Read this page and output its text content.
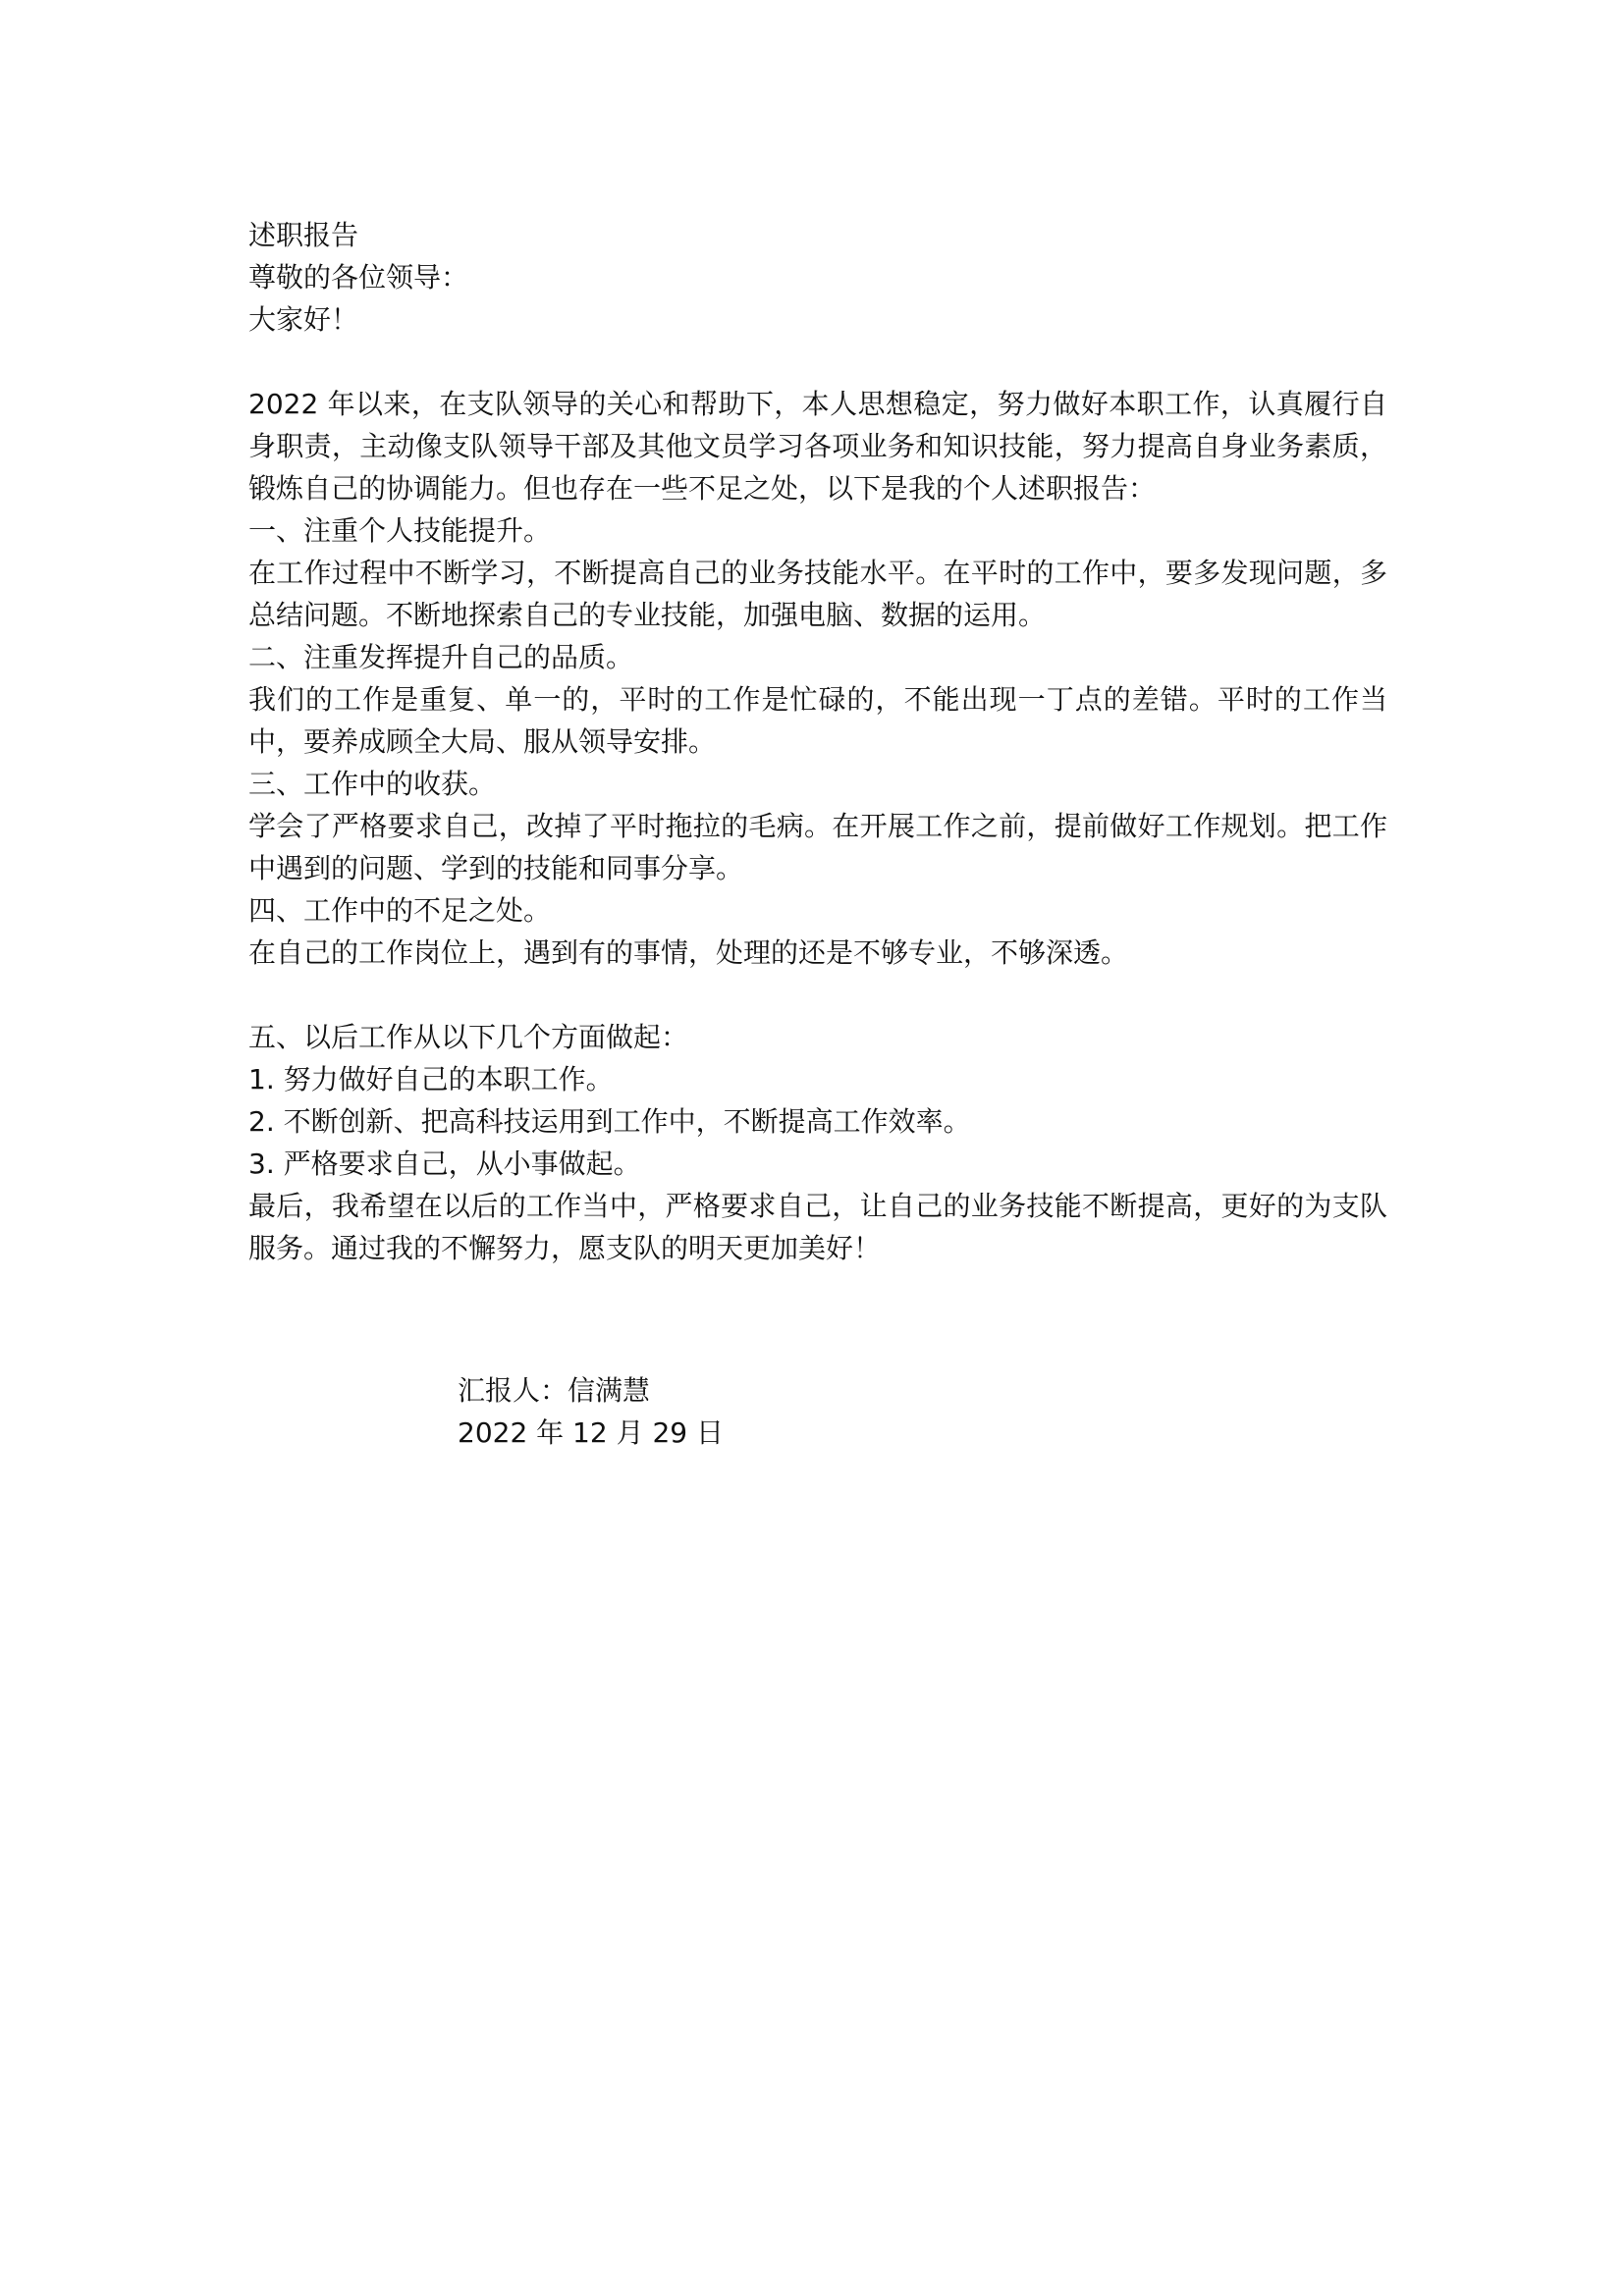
述职报告
尊敬的各位领导：
大家好！
2022 年以来，在支队领导的关心和帮助下，本人思想稳定，努力做好本职工作，认真履行自身职责，主动像支队领导干部及其他文员学习各项业务和知识技能，努力提高自身业务素质，锻炼自己的协调能力。但也存在一些不足之处，以下是我的个人述职报告：
一、注重个人技能提升。
在工作过程中不断学习，不断提高自己的业务技能水平。在平时的工作中，要多发现问题，多总结问题。不断地探索自己的专业技能，加强电脑、数据的运用。
二、注重发挥提升自己的品质。
我们的工作是重复、单一的，平时的工作是忙碌的，不能出现一丁点的差错。平时的工作当中，要养成顾全大局、服从领导安排。
三、工作中的收获。
学会了严格要求自己，改掉了平时拖拉的毛病。在开展工作之前，提前做好工作规划。把工作中遇到的问题、学到的技能和同事分享。
四、工作中的不足之处。
在自己的工作岗位上，遇到有的事情，处理的还是不够专业，不够深透。
五、以后工作从以下几个方面做起：
1. 努力做好自己的本职工作。
2. 不断创新、把高科技运用到工作中，不断提高工作效率。
3. 严格要求自己，从小事做起。
最后，我希望在以后的工作当中，严格要求自己，让自己的业务技能不断提高，更好的为支队服务。通过我的不懈努力，愿支队的明天更加美好！
汇报人：信满慧
2022 年 12 月 29 日
